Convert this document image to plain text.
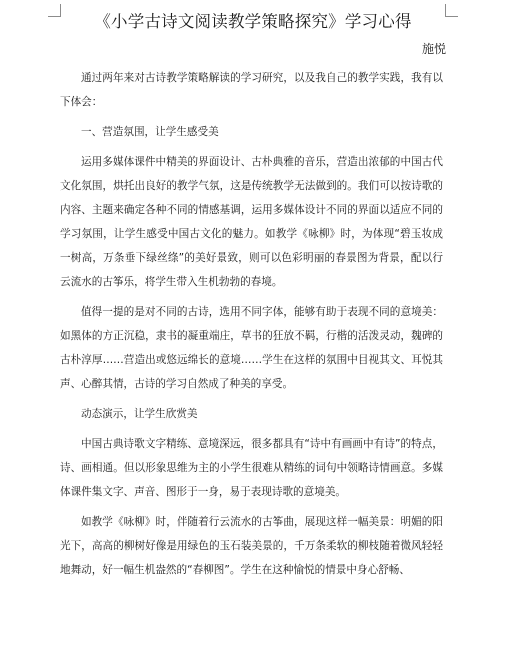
《小学古诗文阅读教学策略探究》学习心得
施悦

通过两年来对古诗教学策略解读的学习研究，以及我自己的教学实践，我有以下体会：

一、营造氛围，让学生感受美

运用多媒体课件中精美的界面设计、古朴典雅的音乐，营造出浓郁的中国古代文化氛围，烘托出良好的教学气氛，这是传统教学无法做到的。我们可以按诗歌的内容、主题来确定各种不同的情感基调，运用多媒体设计不同的界面以适应不同的学习氛围，让学生感受中国古文化的魅力。如教学《咏柳》时，为体现“碧玉妆成一树高，万条垂下绿丝绦”的美好景致，则可以色彩明丽的春景图为背景，配以行云流水的古筝乐，将学生带入生机勃勃的春境。

值得一提的是对不同的古诗，选用不同字体，能够有助于表现不同的意境美：如黑体的方正沉稳，隶书的凝重端庄，草书的狂放不羁，行楷的活泼灵动，魏碑的古朴淳厚……营造出或悠远绵长的意境……学生在这样的氛围中目视其文、耳悦其声、心醉其情，古诗的学习自然成了种美的享受。

动态演示，让学生欣赏美

中国古典诗歌文字精练、意境深远，很多都具有“诗中有画画中有诗”的特点，诗、画相通。但以形象思维为主的小学生很难从精练的词句中领略诗情画意。多媒体课件集文字、声音、图形于一身，易于表现诗歌的意境美。

如教学《咏柳》时，伴随着行云流水的古筝曲，展现这样一幅美景：明媚的阳光下，高高的柳树好像是用绿色的玉石装美景的，千万条柔软的柳枝随着微风轻轻地舞动，好一幅生机盎然的“春柳图”。学生在这种愉悦的情景中身心舒畅、
